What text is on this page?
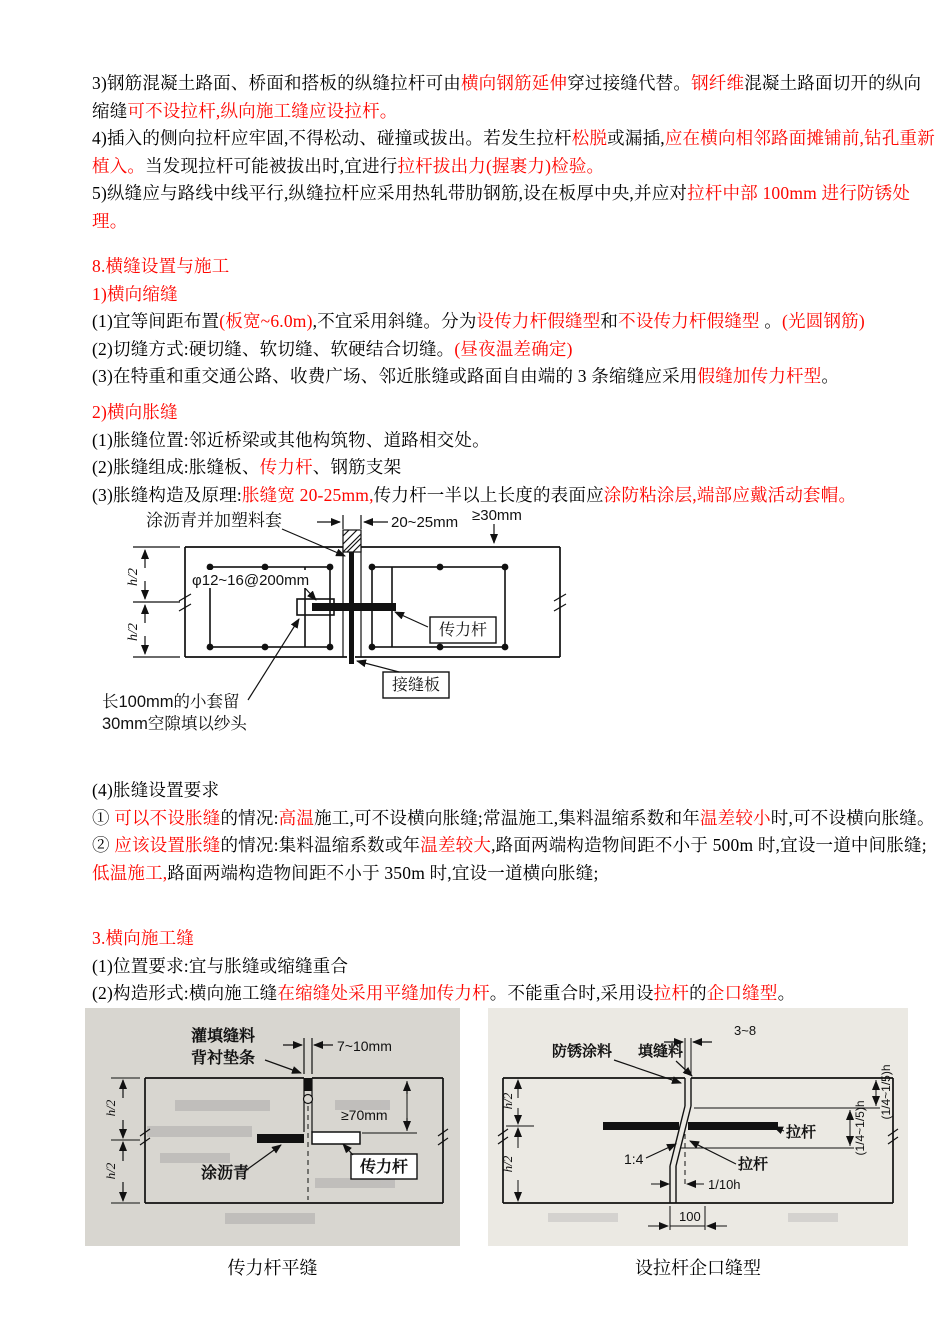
3)钢筋混凝土路面、桥面和搭板的纵缝拉杆可由横向钢筋延伸穿过接缝代替。钢纤维混凝土路面切开的纵向缩缝可不设拉杆,纵向施工缝应设拉杆。

4)插入的侧向拉杆应牢固,不得松动、碰撞或拔出。若发生拉杆松脱或漏插,应在横向相邻路面摊铺前,钻孔重新植入。当发现拉杆可能被拔出时,宜进行拉杆拔出力(握裹力)检验。

5)纵缝应与路线中线平行,纵缝拉杆应采用热轧带肋钢筋,设在板厚中央,并应对拉杆中部 100mm 进行防锈处理。

8.横缝设置与施工

1)横向缩缝

(1)宜等间距布置(板宽~6.0m),不宜采用斜缝。分为设传力杆假缝型和不设传力杆假缝型 。(光圆钢筋)

(2)切缝方式:硬切缝、软切缝、软硬结合切缝。(昼夜温差确定)

(3)在特重和重交通公路、收费广场、邻近胀缝或路面自由端的 3 条缩缝应采用假缝加传力杆型。

2)横向胀缝

(1)胀缝位置:邻近桥梁或其他构筑物、道路相交处。

(2)胀缝组成:胀缝板、传力杆、钢筋支架

(3)胀缝构造及原理:胀缝宽 20-25mm,传力杆一半以上长度的表面应涂防粘涂层,端部应戴活动套帽。

涂沥青并加塑料套	20~25mm ≥30mm
φ12~16@200mm
h/2
h/2	传力杆
接缝板
长100mm的小套留
30mm空隙填以纱头

(4)胀缝设置要求

① 可以不设胀缝的情况:高温施工,可不设横向胀缝;常温施工,集料温缩系数和年温差较小时,可不设横向胀缝。

② 应该设置胀缝的情况:集料温缩系数或年温差较大,路面两端构造物间距不小于 500m 时,宜设一道中间胀缝;低温施工,路面两端构造物间距不小于 350m 时,宜设一道横向胀缝;

3.横向施工缝

(1)位置要求:宜与胀缝或缩缝重合

(2)构造形式:横向施工缝在缩缝处采用平缝加传力杆。不能重合时,采用设拉杆的企口缝型。

灌填缝料
背衬垫条
7~10mm
≥70mm
涂沥青	传力杆
h/2
h/2
防锈涂料 填缝料
3~8
(1/4~1/5)h
(1/4~1/5)h
拉杆
拉杆
1:4
1/10h
100
h/2
h/2
传力杆平缝	设拉杆企口缝型
